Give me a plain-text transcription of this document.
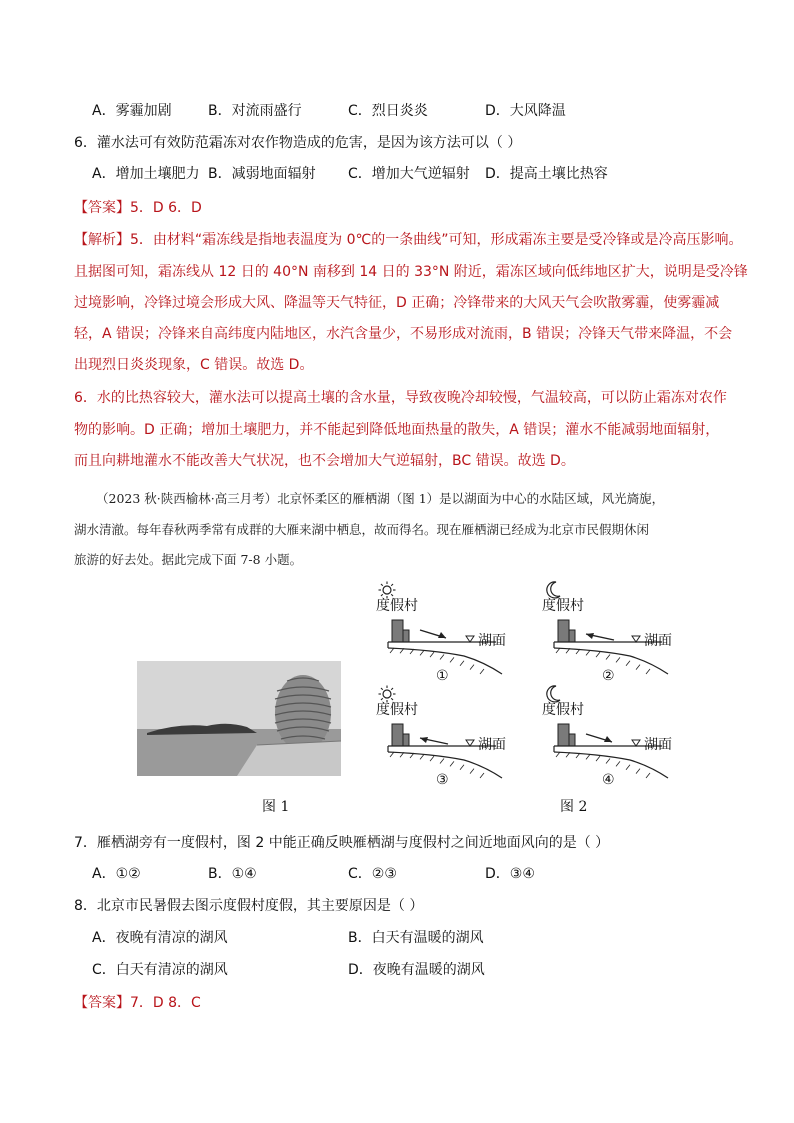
A．雾霾加剧	B．对流雨盛行	C．烈日炎炎	D．大风降温
6．灌水法可有效防范霜冻对农作物造成的危害，是因为该方法可以（ ）
A．增加土壤肥力 B．减弱地面辐射 C．增加大气逆辐射 D．提高土壤比热容
【答案】5．D 6．D
【解析】5．由材料“霜冻线是指地表温度为 0℃的一条曲线”可知，形成霜冻主要是受冷锋或是冷高压影响。
且据图可知，霜冻线从 12 日的 40°N 南移到 14 日的 33°N 附近，霜冻区域向低纬地区扩大，说明是受冷锋
过境影响，冷锋过境会形成大风、降温等天气特征，D 正确；冷锋带来的大风天气会吹散雾霾，使雾霾减
轻，A 错误；冷锋来自高纬度内陆地区，水汽含量少，不易形成对流雨，B 错误；冷锋天气带来降温，不会
出现烈日炎炎现象，C 错误。故选 D。
6．水的比热容较大，灌水法可以提高土壤的含水量，导致夜晚冷却较慢，气温较高，可以防止霜冻对农作
物的影响。D 正确；增加土壤肥力，并不能起到降低地面热量的散失，A 错误；灌水不能减弱地面辐射，
而且向耕地灌水不能改善大气状况，也不会增加大气逆辐射，BC 错误。故选 D。
（2023 秋·陕西榆林·高三月考）北京怀柔区的雁栖湖（图 1）是以湖面为中心的水陆区域，风光旖旎，
湖水清澈。每年春秋两季常有成群的大雁来湖中栖息，故而得名。现在雁栖湖已经成为北京市民假期休闲
旅游的好去处。据此完成下面 7-8 小题。
图 1	图 2
度假村
湖面
①
度假村
湖面
②
度假村
湖面
③
度假村
湖面
④
7．雁栖湖旁有一度假村，图 2 中能正确反映雁栖湖与度假村之间近地面风向的是（ ）
A．①②	B．①④	C．②③	D．③④
8．北京市民暑假去图示度假村度假，其主要原因是（ ）
A．夜晚有清凉的湖风	B．白天有温暖的湖风
C．白天有清凉的湖风	D．夜晚有温暖的湖风
【答案】7．D 8．C
